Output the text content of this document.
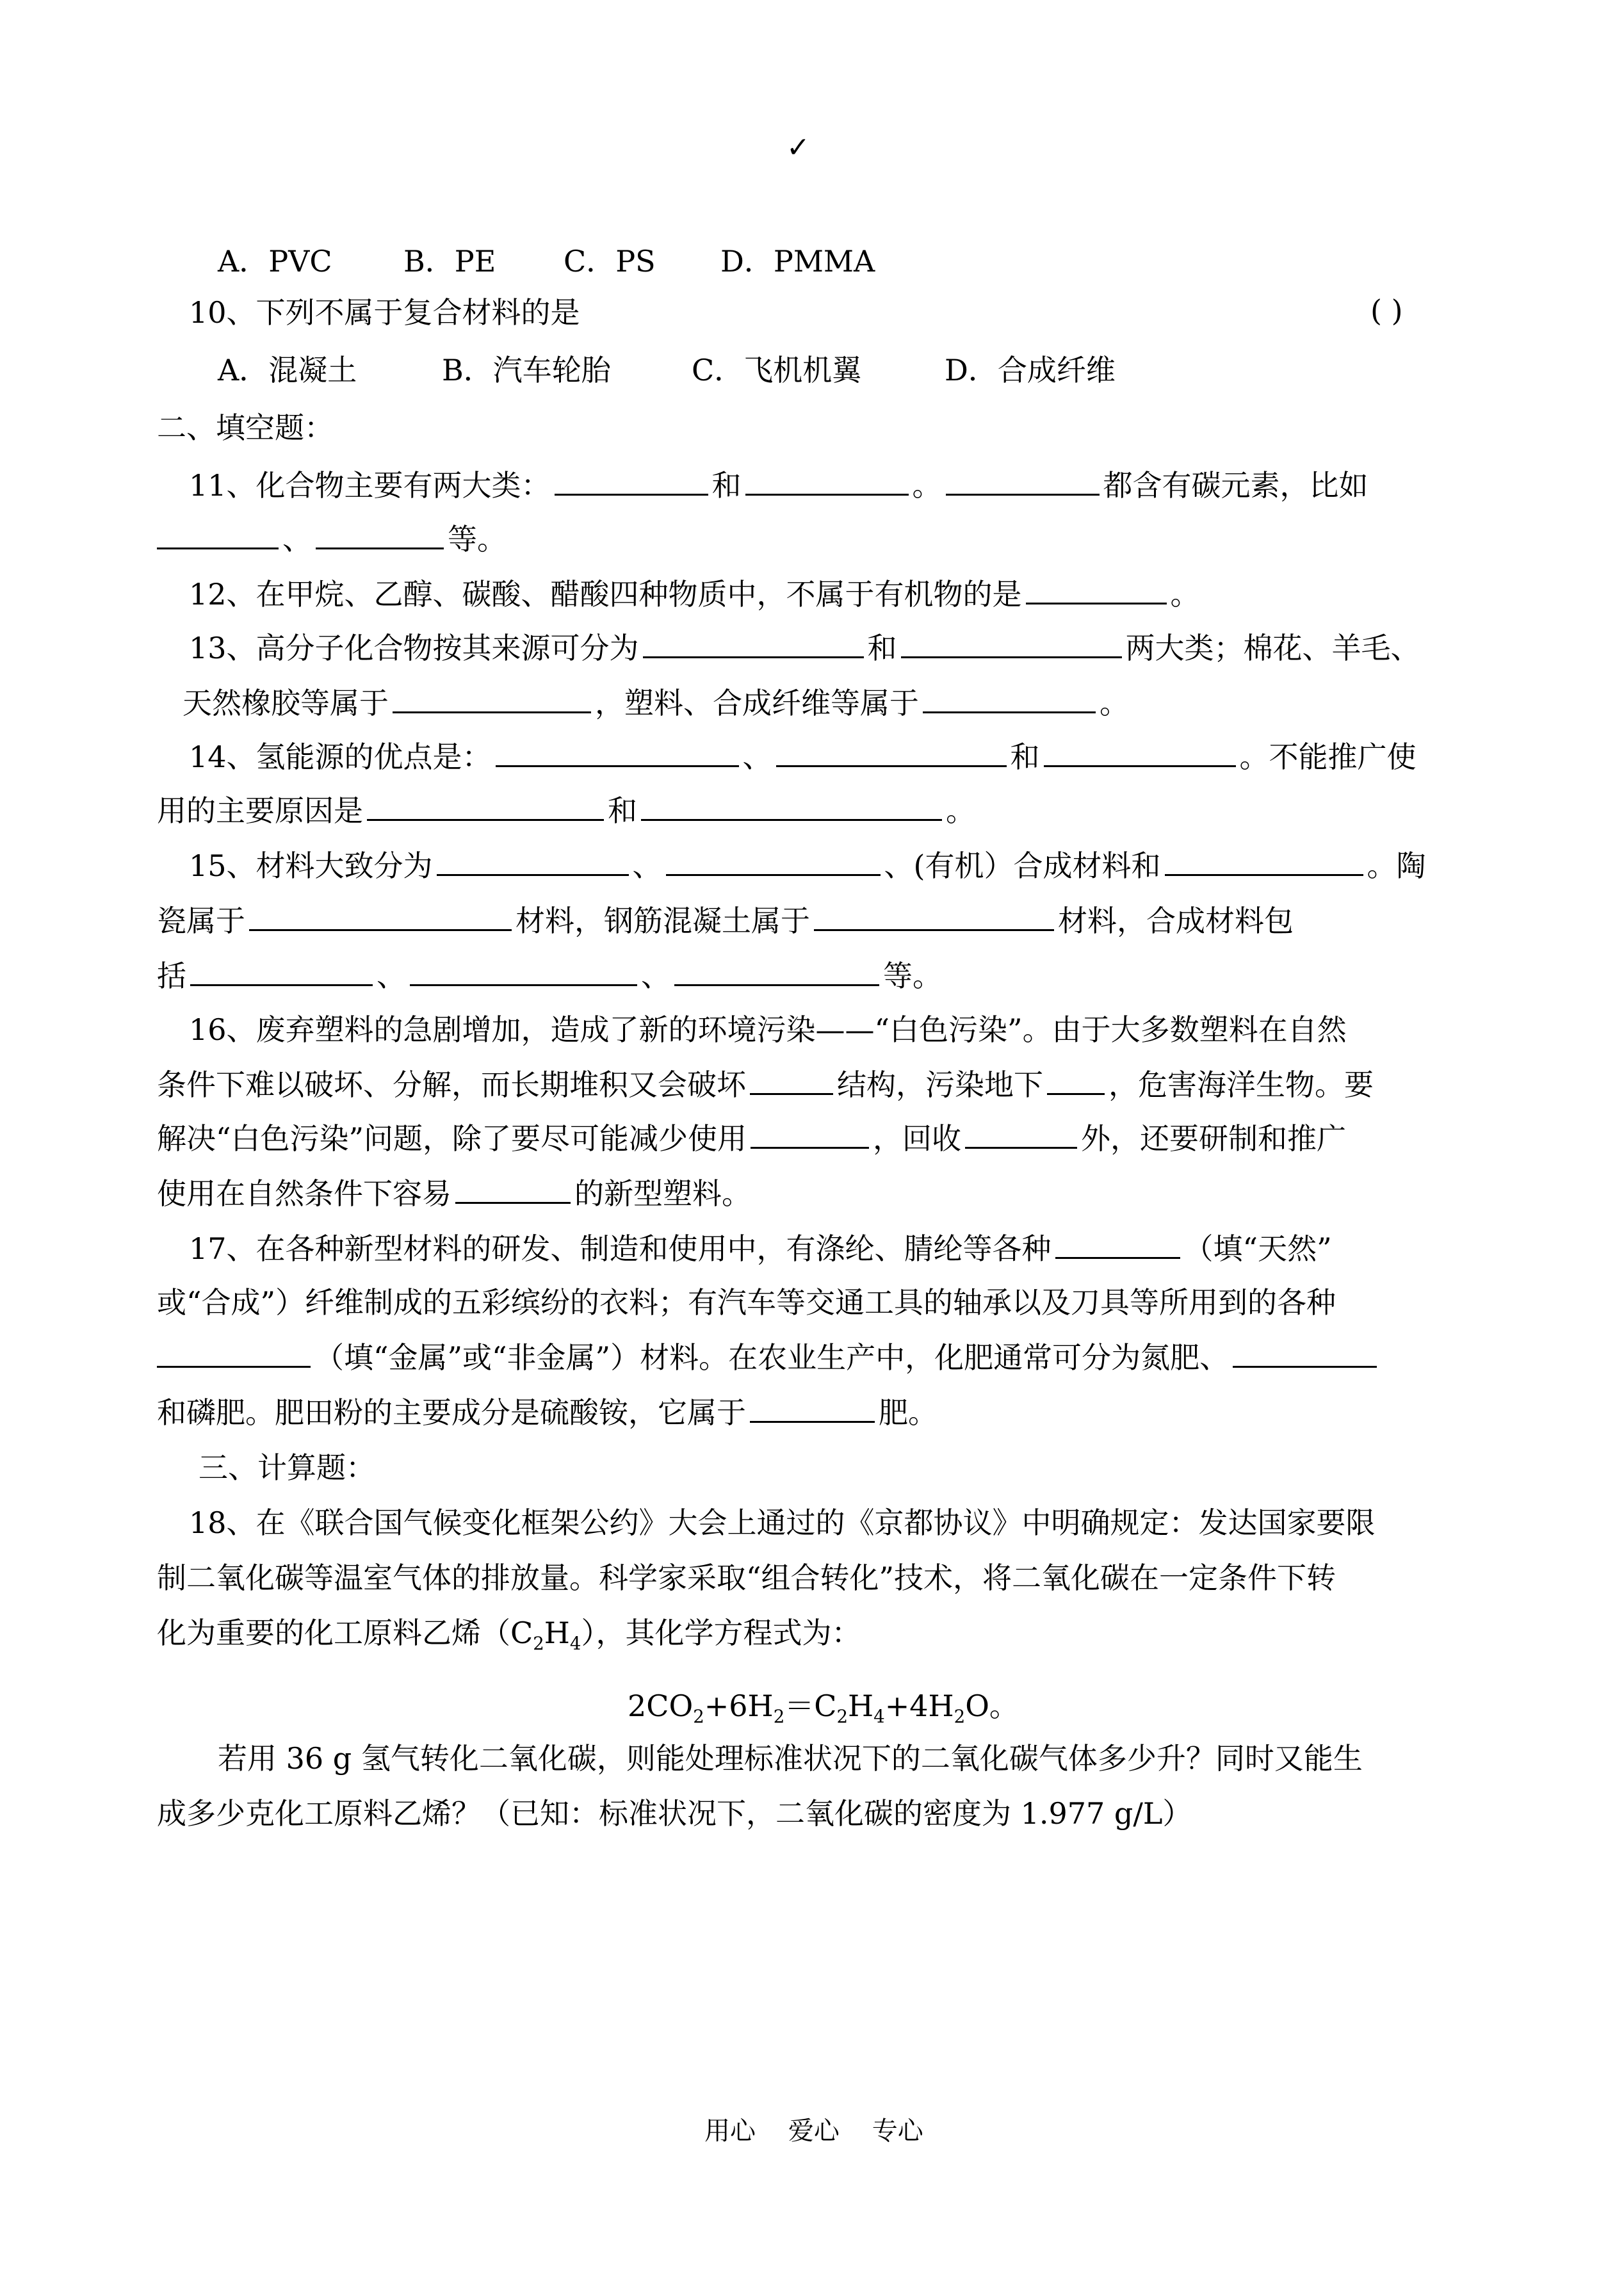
✓
A．PVC B．PE C．PS D．PMMA
10、下列不属于复合材料的是	( )
A．混凝土	B．汽车轮胎	C．飞机机翼	D．合成纤维
二、填空题：
11、化合物主要有两大类：	和	。	都含有碳元素，比如
、	等。
12、在甲烷、乙醇、碳酸、醋酸四种物质中，不属于有机物的是	。
13、高分子化合物按其来源可分为	和	两大类；棉花、羊毛、
天然橡胶等属于	，塑料、合成纤维等属于	。
14、氢能源的优点是：	、	和	。不能推广使
用的主要原因是	和	。
15、材料大致分为	、	、(有机）合成材料和	。陶
瓷属于	材料，钢筋混凝土属于	材料，合成材料包
括	、	、	等。
16、废弃塑料的急剧增加，造成了新的环境污染——“白色污染”。由于大多数塑料在自然
条件下难以破坏、分解，而长期堆积又会破坏	结构，污染地下 ，危害海洋生物。要
解决“白色污染”问题，除了要尽可能减少使用	，回收	外，还要研制和推广
使用在自然条件下容易	的新型塑料。
17、在各种新型材料的研发、制造和使用中，有涤纶、腈纶等各种	（填“天然”
或“合成”）纤维制成的五彩缤纷的衣料；有汽车等交通工具的轴承以及刀具等所用到的各种
（填“金属”或“非金属”）材料。在农业生产中，化肥通常可分为氮肥、
和磷肥。肥田粉的主要成分是硫酸铵，它属于	肥。
三、计算题：
18、在《联合国气候变化框架公约》大会上通过的《京都协议》中明确规定：发达国家要限
制二氧化碳等温室气体的排放量。科学家采取“组合转化”技术，将二氧化碳在一定条件下转
化为重要的化工原料乙烯$(C_2H_4)$，其化学方程式为：
$2CO_2+6H_2=C_2H_4+4H_2O$。
若用 36 g 氢气转化二氧化碳，则能处理标准状况下的二氧化碳气体多少升？同时又能生
成多少克化工原料乙烯？（已知：标准状况下，二氧化碳的密度为 1.977 g/L）
用心    爱心    专心
